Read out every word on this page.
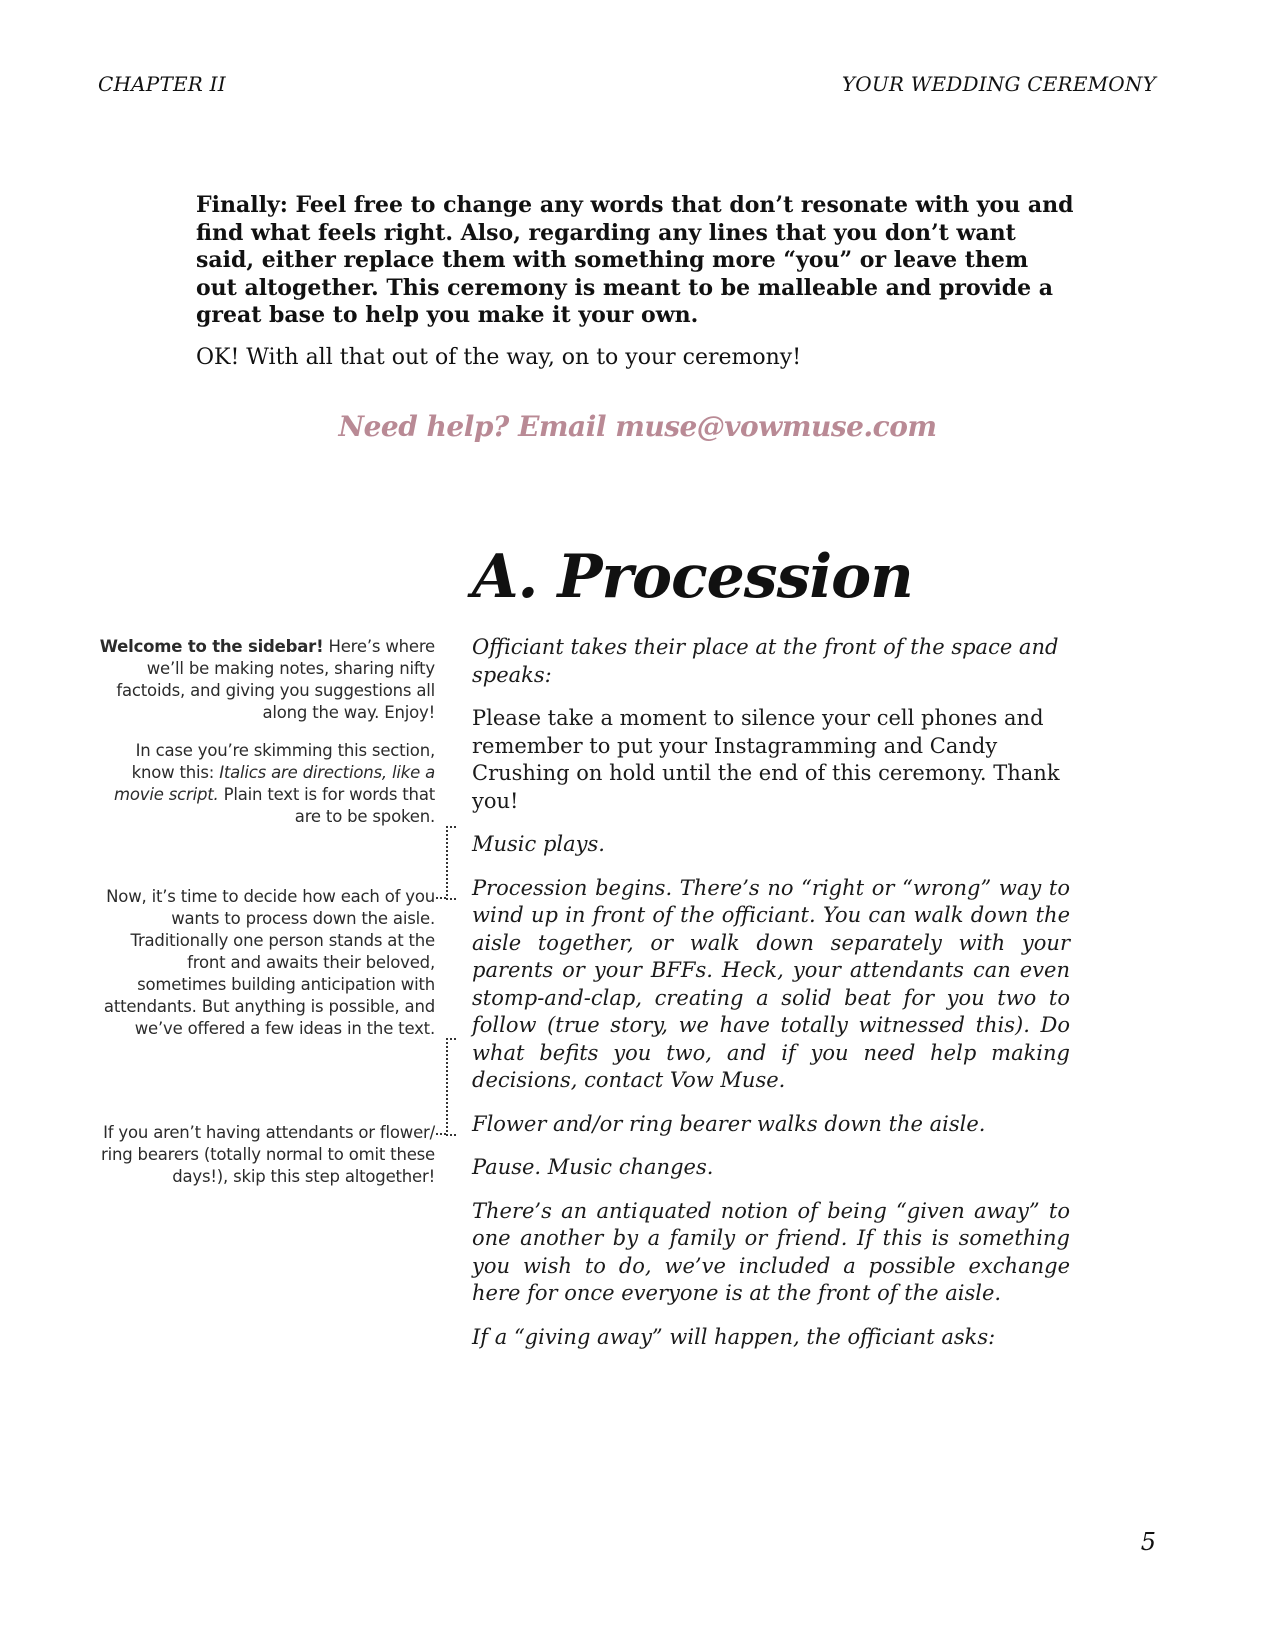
CHAPTER II	YOUR WEDDING CEREMONY

Finally: Feel free to change any words that don’t resonate with you and find what feels right. Also, regarding any lines that you don’t want said, either replace them with something more “you” or leave them out altogether. This ceremony is meant to be malleable and provide a great base to help you make it your own.

OK! With all that out of the way, on to your ceremony!

Need help? Email muse@vowmuse.com
A. Procession

Officiant takes their place at the front of the space and speaks:

Please take a moment to silence your cell phones and remember to put your Instagramming and Candy Crushing on hold until the end of this ceremony. Thank you!

Music plays.

Procession begins. There’s no “right or “wrong” way to wind up in front of the officiant. You can walk down the aisle together, or walk down separately with your parents or your BFFs. Heck, your attendants can even stomp-and-clap, creating a solid beat for you two to follow (true story, we have totally witnessed this). Do what befits you two, and if you need help making decisions, contact Vow Muse.

Flower and/or ring bearer walks down the aisle.

Pause. Music changes.

There’s an antiquated notion of being “given away” to one another by a family or friend. If this is something you wish to do, we’ve included a possible exchange here for once everyone is at the front of the aisle.

If a “giving away” will happen, the officiant asks:

Welcome to the sidebar! Here’s where we’ll be making notes, sharing nifty factoids, and giving you suggestions all along the way. Enjoy!

In case you’re skimming this section, know this: Italics are directions, like a movie script. Plain text is for words that are to be spoken.

Now, it’s time to decide how each of you wants to process down the aisle. Traditionally one person stands at the front and awaits their beloved, sometimes building anticipation with attendants. But anything is possible, and we’ve offered a few ideas in the text.

If you aren’t having attendants or flower/ ring bearers (totally normal to omit these days!), skip this step altogether!

5
